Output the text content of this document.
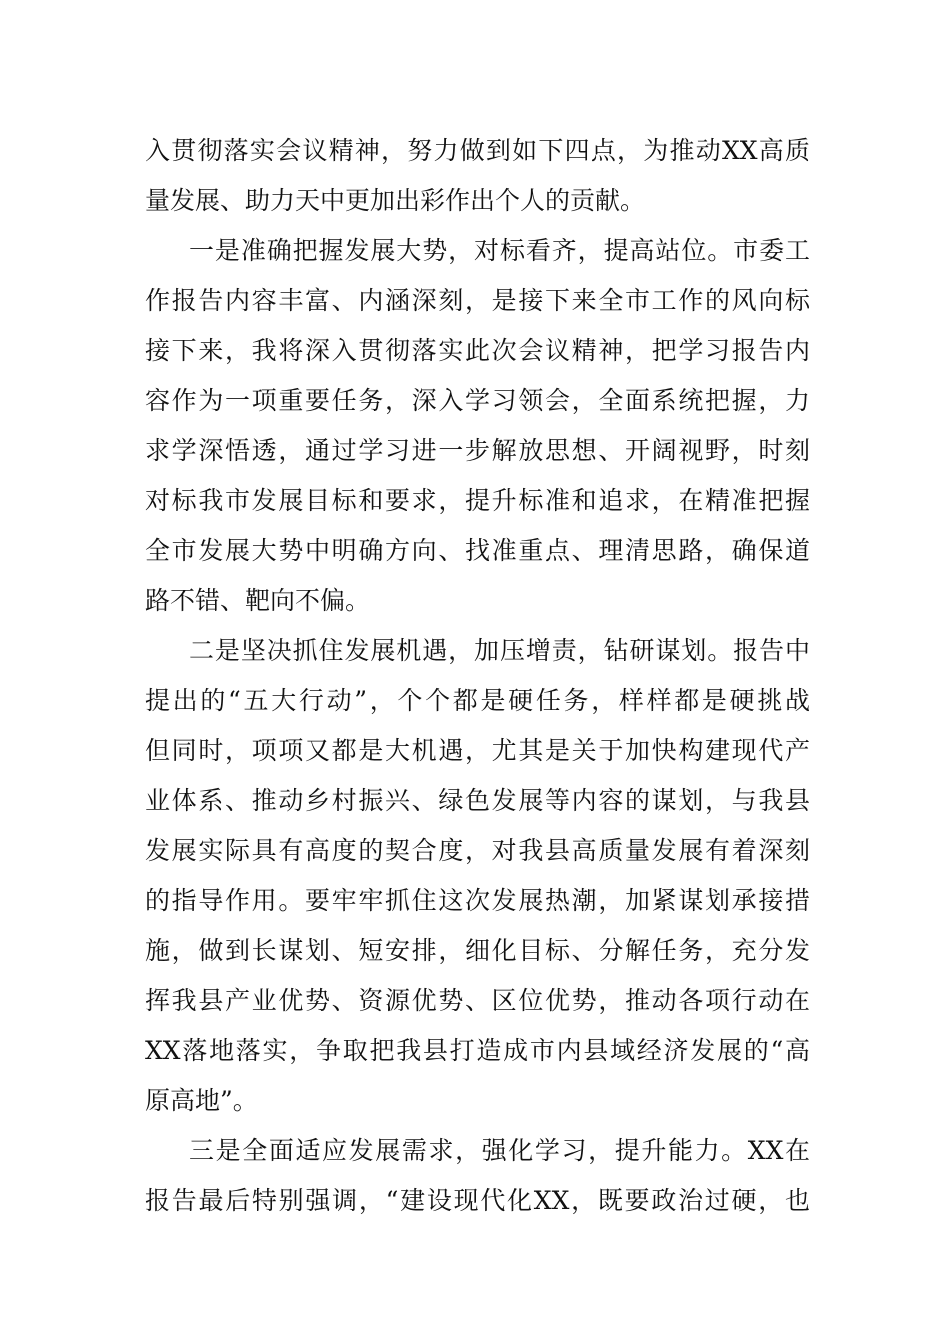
入贯彻落实会议精神，努力做到如下四点，为推动XX高质
量发展、助力天中更加出彩作出个人的贡献。
一是准确把握发展大势，对标看齐，提高站位。市委工
作报告内容丰富、内涵深刻，是接下来全市工作的风向标
接下来，我将深入贯彻落实此次会议精神，把学习报告内
容作为一项重要任务，深入学习领会，全面系统把握，力
求学深悟透，通过学习进一步解放思想、开阔视野，时刻
对标我市发展目标和要求，提升标准和追求，在精准把握
全市发展大势中明确方向、找准重点、理清思路，确保道
路不错、靶向不偏。
二是坚决抓住发展机遇，加压增责，钻研谋划。报告中
提出的“五大行动”，个个都是硬任务，样样都是硬挑战
但同时，项项又都是大机遇，尤其是关于加快构建现代产
业体系、推动乡村振兴、绿色发展等内容的谋划，与我县
发展实际具有高度的契合度，对我县高质量发展有着深刻
的指导作用。要牢牢抓住这次发展热潮，加紧谋划承接措
施，做到长谋划、短安排，细化目标、分解任务，充分发
挥我县产业优势、资源优势、区位优势，推动各项行动在
XX落地落实，争取把我县打造成市内县域经济发展的“高
原高地”。
三是全面适应发展需求，强化学习，提升能力。XX在
报告最后特别强调，“建设现代化XX，既要政治过硬，也
